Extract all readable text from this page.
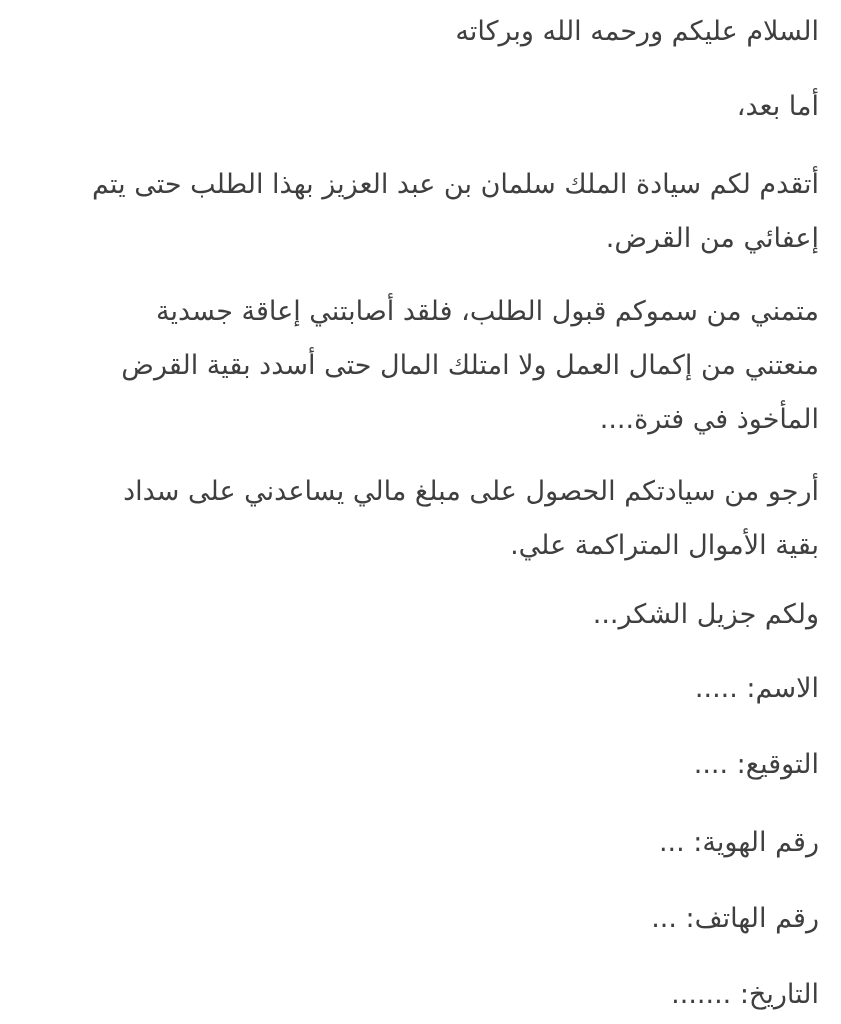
السلام عليكم ورحمه الله وبركاته

أما بعد،

أتقدم لكم سيادة الملك سلمان بن عبد العزيز بهذا الطلب حتى يتم
إعفائي من القرض.
متمني من سموكم قبول الطلب، فلقد أصابتني إعاقة جسدية
منعتني من إكمال العمل ولا امتلك المال حتى أسدد بقية القرض
المأخوذ في فترة....
أرجو من سيادتكم الحصول على مبلغ مالي يساعدني على سداد
بقية الأموال المتراكمة علي.

ولكم جزيل الشكر...

الاسم: .....

التوقيع: ....

رقم الهوية: ...

رقم الهاتف: ...

التاريخ: .......
